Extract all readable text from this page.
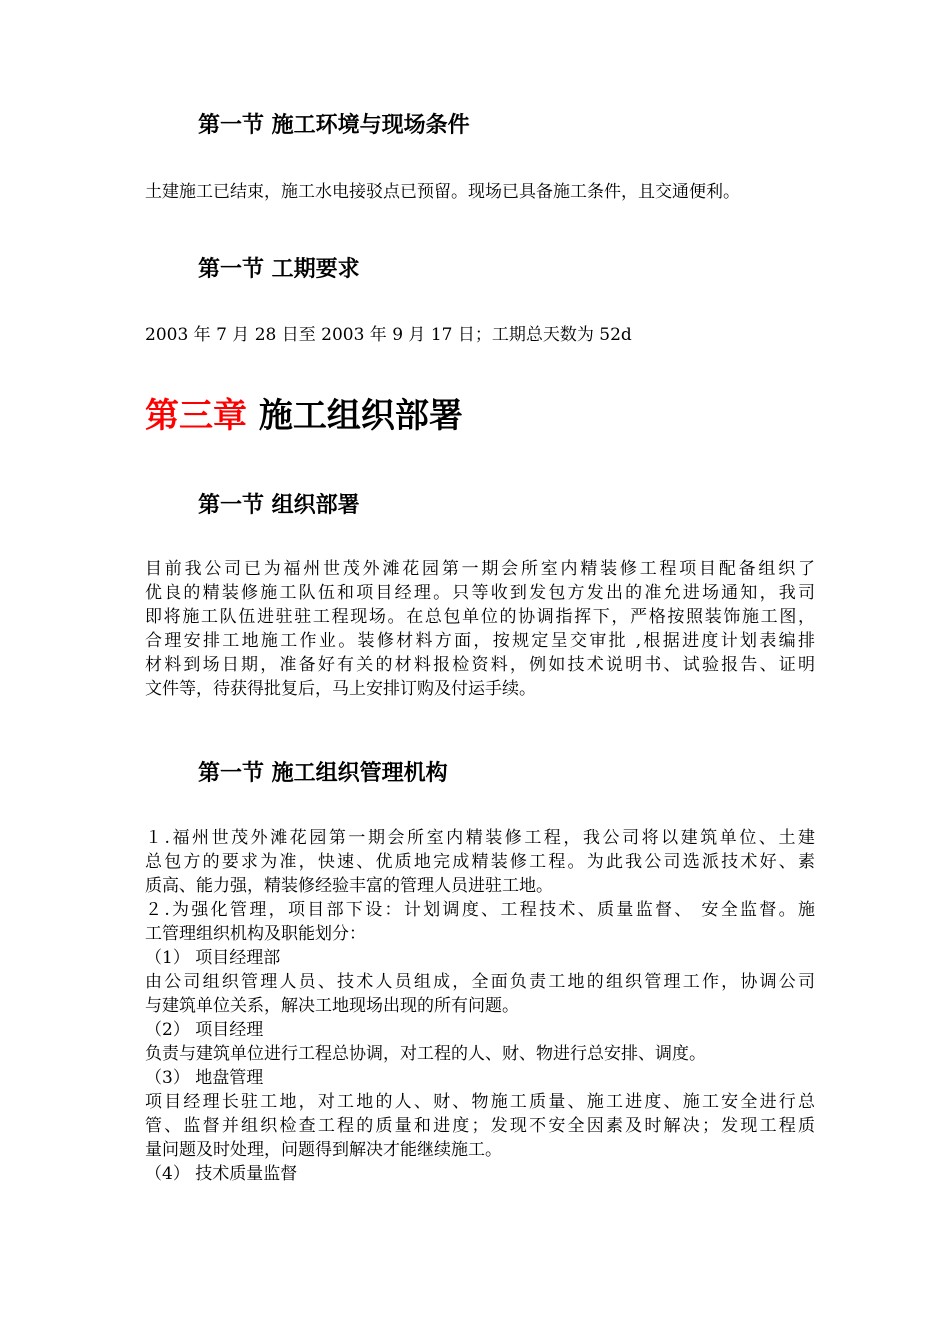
第一节 施工环境与现场条件

土建施工已结束，施工水电接驳点已预留。现场已具备施工条件，且交通便利。

第一节 工期要求

2003 年 7 月 28 日至 2003 年 9 月 17 日；工期总天数为 52d

第三章 施工组织部署
第一节 组织部署
目前我公司已为福州世茂外滩花园第一期会所室内精装修工程项目配备组织了
优良的精装修施工队伍和项目经理。只等收到发包方发出的准允进场通知，我司
即将施工队伍进驻驻工程现场。在总包单位的协调指挥下，严格按照装饰施工图，
合理安排工地施工作业。装修材料方面，按规定呈交审批 ,根据进度计划表编排
材料到场日期，准备好有关的材料报检资料，例如技术说明书、试验报告、证明
文件等，待获得批复后，马上安排订购及付运手续。
第一节 施工组织管理机构
１.福州世茂外滩花园第一期会所室内精装修工程，我公司将以建筑单位、土建
总包方的要求为准，快速、优质地完成精装修工程。为此我公司选派技术好、素
质高、能力强，精装修经验丰富的管理人员进驻工地。
２.为强化管理，项目部下设：计划调度、工程技术、质量监督、 安全监督。施
工管理组织机构及职能划分：
（1） 项目经理部
由公司组织管理人员、技术人员组成，全面负责工地的组织管理工作，协调公司
与建筑单位关系，解决工地现场出现的所有问题。
（2） 项目经理
负责与建筑单位进行工程总协调，对工程的人、财、物进行总安排、调度。
（3） 地盘管理
项目经理长驻工地，对工地的人、财、物施工质量、施工进度、施工安全进行总
管、监督并组织检查工程的质量和进度；发现不安全因素及时解决；发现工程质
量问题及时处理，问题得到解决才能继续施工。
（4） 技术质量监督
